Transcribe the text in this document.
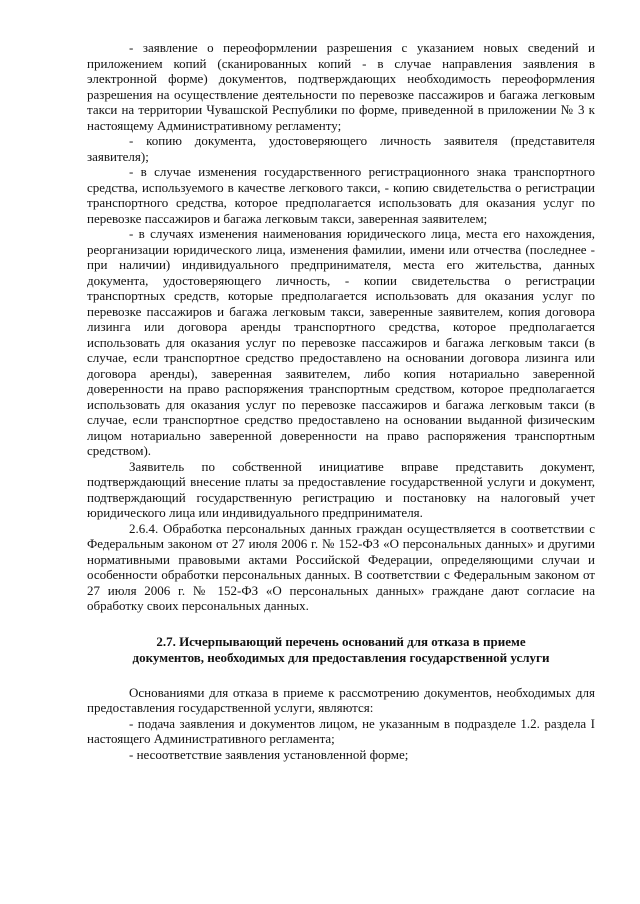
- заявление о переоформлении разрешения с указанием новых сведений и приложением копий (сканированных копий - в случае направления заявления в электронной форме) документов, подтверждающих необходимость переоформления разрешения на осуществление деятельности по перевозке пассажиров и багажа легковым такси на территории Чувашской Республики по форме, приведенной в приложении № 3 к настоящему Административному регламенту;

- копию документа, удостоверяющего личность заявителя (представителя заявителя);

- в случае изменения государственного регистрационного знака транспортного средства, используемого в качестве легкового такси, - копию свидетельства о регистрации транспортного средства, которое предполагается использовать для оказания услуг по перевозке пассажиров и багажа легковым такси, заверенная заявителем;

- в случаях изменения наименования юридического лица, места его нахождения, реорганизации юридического лица, изменения фамилии, имени или отчества (последнее - при наличии) индивидуального предпринимателя, места его жительства, данных документа, удостоверяющего личность, - копии свидетельства о регистрации транспортных средств, которые предполагается использовать для оказания услуг по перевозке пассажиров и багажа легковым такси, заверенные заявителем, копия договора лизинга или договора аренды транспортного средства, которое предполагается использовать для оказания услуг по перевозке пассажиров и багажа легковым такси (в случае, если транспортное средство предоставлено на основании договора лизинга или договора аренды), заверенная заявителем, либо копия нотариально заверенной доверенности на право распоряжения транспортным средством, которое предполагается использовать для оказания услуг по перевозке пассажиров и багажа легковым такси (в случае, если транспортное средство предоставлено на основании выданной физическим лицом нотариально заверенной доверенности на право распоряжения транспортным средством).

Заявитель по собственной инициативе вправе представить документ, подтверждающий внесение платы за предоставление государственной услуги и документ, подтверждающий государственную регистрацию и постановку на налоговый учет юридического лица или индивидуального предпринимателя.

2.6.4. Обработка персональных данных граждан осуществляется в соответствии с Федеральным законом от 27 июля 2006 г. № 152-ФЗ «О персональных данных» и другими нормативными правовыми актами Российской Федерации, определяющими случаи и особенности обработки персональных данных. В соответствии с Федеральным законом от 27 июля 2006 г. № 152-ФЗ «О персональных данных» граждане дают согласие на обработку своих персональных данных.

2.7. Исчерпывающий перечень оснований для отказа в приеме
документов, необходимых для предоставления государственной услуги

Основаниями для отказа в приеме к рассмотрению документов, необходимых для предоставления государственной услуги, являются:

- подача заявления и документов лицом, не указанным в подразделе 1.2. раздела I настоящего Административного регламента;

- несоответствие заявления установленной форме;
